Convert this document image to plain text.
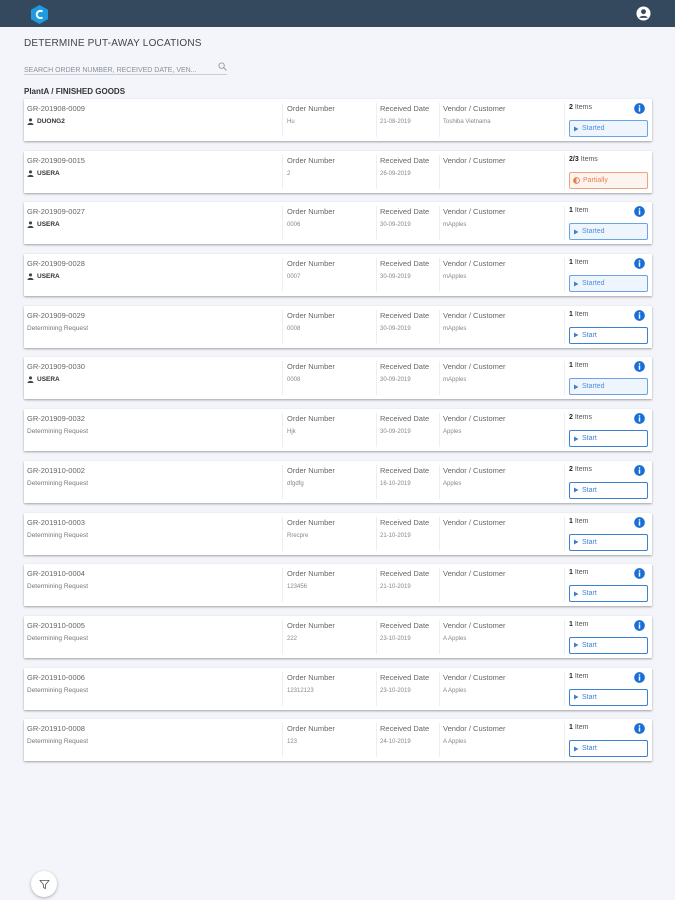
DETERMINE PUT-AWAY LOCATIONS
SEARCH ORDER NUMBER, RECEIVED DATE, VEN...
PlantA / FINISHED GOODS
GR-201908-0009
DUONG2
Order Number
Hu
Received Date
21-08-2019
Vendor / Customer
Toshiba Vietnama
2 Items
Started
GR-201909-0015
USERA
Order Number
2
Received Date
26-09-2019
Vendor / Customer	2/3 Items
Partially
GR-201909-0027
USERA
Order Number
0006
Received Date
30-09-2019
Vendor / Customer
mApples
1 Item
Started
GR-201909-0028
USERA
Order Number
0007
Received Date
30-09-2019
Vendor / Customer
mApples
1 Item
Started
GR-201909-0029
Determining Request
Order Number
0008
Received Date
30-09-2019
Vendor / Customer
mApples
1 Item
Start
GR-201909-0030
USERA
Order Number
0008
Received Date
30-09-2019
Vendor / Customer
mApples
1 Item
Started
GR-201909-0032
Determining Request
Order Number
Hjk
Received Date
30-09-2019
Vendor / Customer
Apples
2 Items
Start
GR-201910-0002
Determining Request
Order Number
dfgdfg
Received Date
16-10-2019
Vendor / Customer
Apples
2 Items
Start
GR-201910-0003
Determining Request
Order Number
Rrecpre
Received Date
21-10-2019
Vendor / Customer	1 Item
Start
GR-201910-0004
Determining Request
Order Number
123456
Received Date
21-10-2019
Vendor / Customer	1 Item
Start
GR-201910-0005
Determining Request
Order Number
222
Received Date
23-10-2019
Vendor / Customer
A Apples
1 Item
Start
GR-201910-0006
Determining Request
Order Number
12312123
Received Date
23-10-2019
Vendor / Customer
A Apples
1 Item
Start
GR-201910-0008
Determining Request
Order Number
123
Received Date
24-10-2019
Vendor / Customer
A Apples
1 Item
Start
